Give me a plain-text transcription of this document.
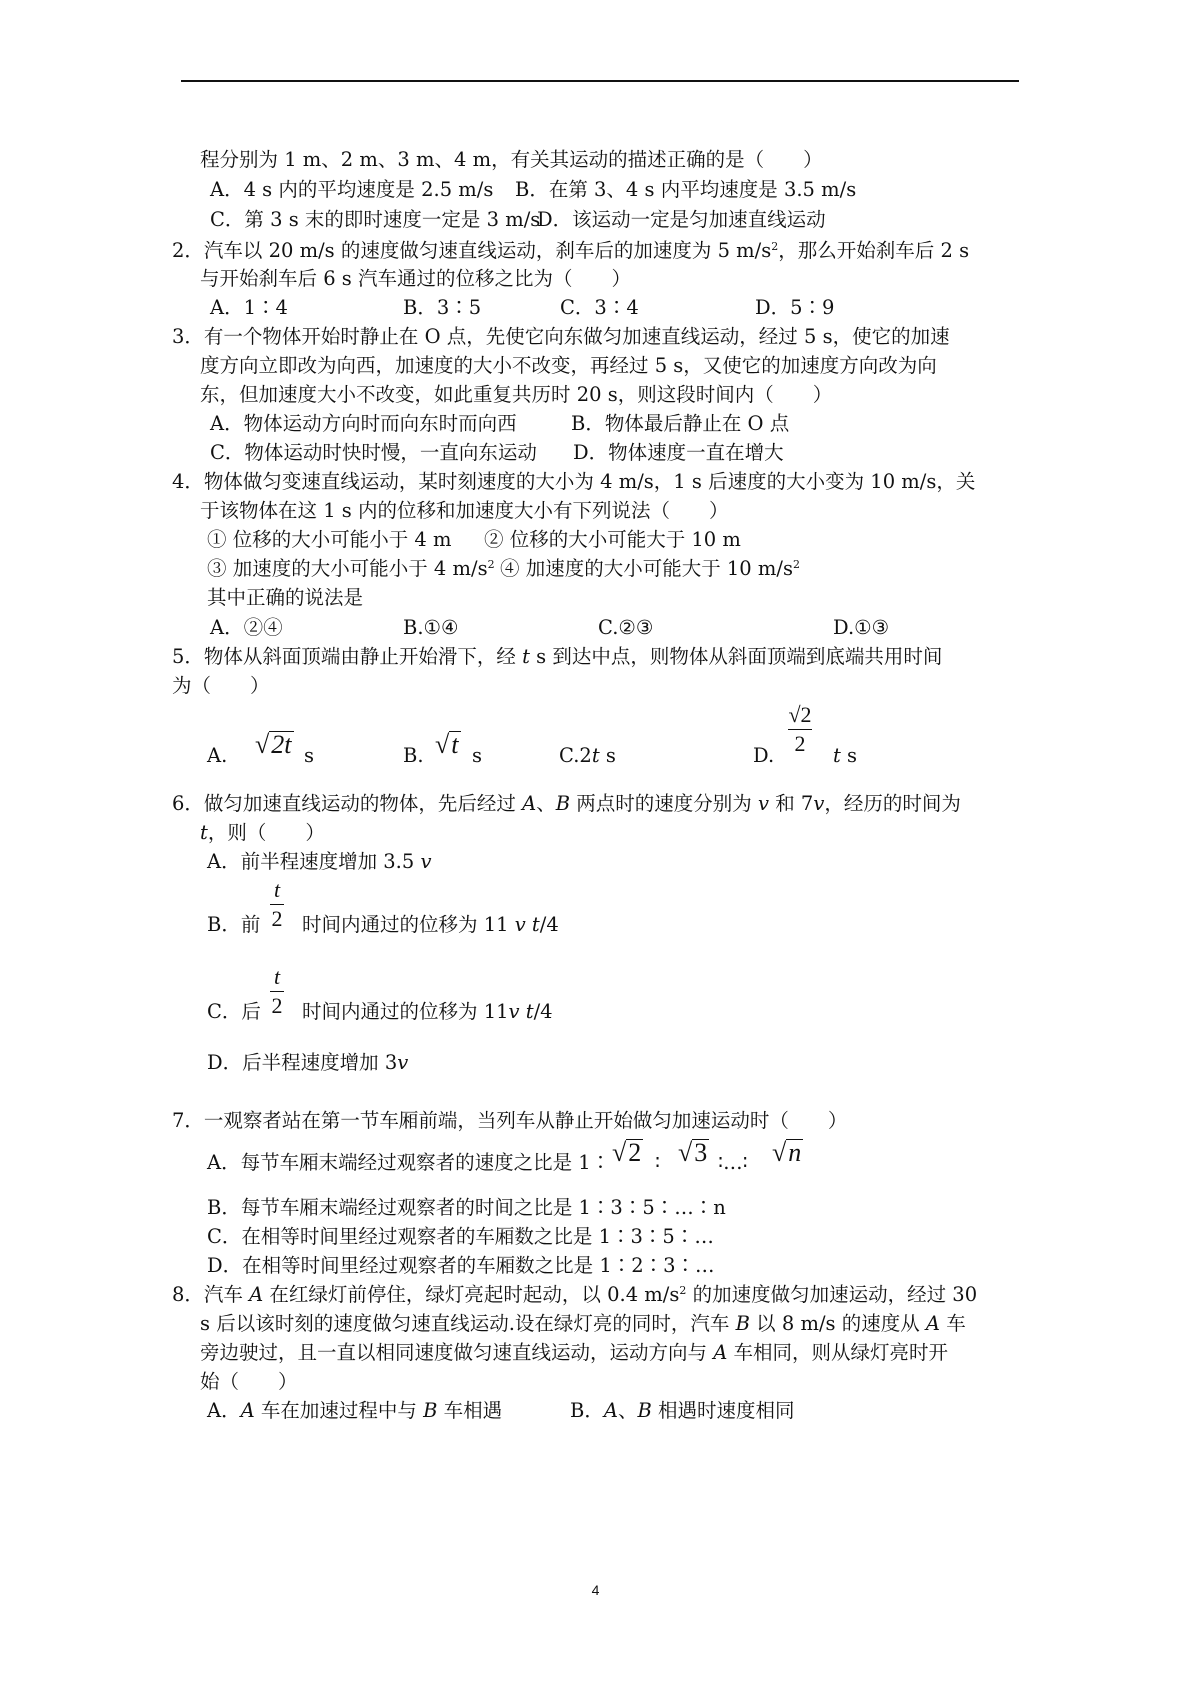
程分别为 1 m、2 m、3 m、4 m，有关其运动的描述正确的是（　　）
A．4 s 内的平均速度是 2.5 m/s B．在第 3、4 s 内平均速度是 3.5 m/s
C．第 3 s 末的即时速度一定是 3 m/s
D．该运动一定是匀加速直线运动
2．汽车以 20 m/s 的速度做匀速直线运动，刹车后的加速度为 5 $m/s^2$，那么开始刹车后 2 s
与开始刹车后 6 s 汽车通过的位移之比为（　　）
A．1∶4	B．3∶5	C．3∶4	D．5∶9
3．有一个物体开始时静止在 O 点，先使它向东做匀加速直线运动，经过 5 s，使它的加速
度方向立即改为向西，加速度的大小不改变，再经过 5 s，又使它的加速度方向改为向
东，但加速度大小不改变，如此重复共历时 20 s，则这段时间内（　　）
A．物体运动方向时而向东时而向西	B．物体最后静止在 O 点
C．物体运动时快时慢，一直向东运动 D．物体速度一直在增大
4．物体做匀变速直线运动，某时刻速度的大小为 4 m/s，1 s 后速度的大小变为 10 m/s，关
于该物体在这 1 s 内的位移和加速度大小有下列说法（　　）
① 位移的大小可能小于 4 m ② 位移的大小可能大于 10 m
③ 加速度的大小可能小于 4 $m/s^2$ ④ 加速度的大小可能大于 10 $m/s^2$
其中正确的说法是
A．②④	B.①④	C.②③	D.①③
5．物体从斜面顶端由静止开始滑下，经 t s 到达中点，则物体从斜面顶端到底端共用时间
为（　　）
A. √2t s	B. √t s	C.2t s	D.
√2
2 t s
6．做匀加速直线运动的物体，先后经过 A、B 两点时的速度分别为 v 和 7v，经历的时间为
t，则（　　）
A．前半程速度增加 3.5 v
B．前
t
2 时间内通过的位移为 11 v t/4
C．后
t
2 时间内通过的位移为 11v t/4
D．后半程速度增加 3v
7．一观察者站在第一节车厢前端，当列车从静止开始做匀加速运动时（　　）
A．每节车厢末端经过观察者的速度之比是 1∶ √2 ∶ √3 ∶…∶ √n
B．每节车厢末端经过观察者的时间之比是 1∶3∶5∶…∶n
C．在相等时间里经过观察者的车厢数之比是 1∶3∶5∶…
D．在相等时间里经过观察者的车厢数之比是 1∶2∶3∶…
8．汽车 A 在红绿灯前停住，绿灯亮起时起动，以 0.4 $m/s^2$ 的加速度做匀加速运动，经过 30
s 后以该时刻的速度做匀速直线运动.设在绿灯亮的同时，汽车 B 以 8 m/s 的速度从 A 车
旁边驶过，且一直以相同速度做匀速直线运动，运动方向与 A 车相同，则从绿灯亮时开
始（　　）
A．A 车在加速过程中与 B 车相遇	B．A、B 相遇时速度相同
4
